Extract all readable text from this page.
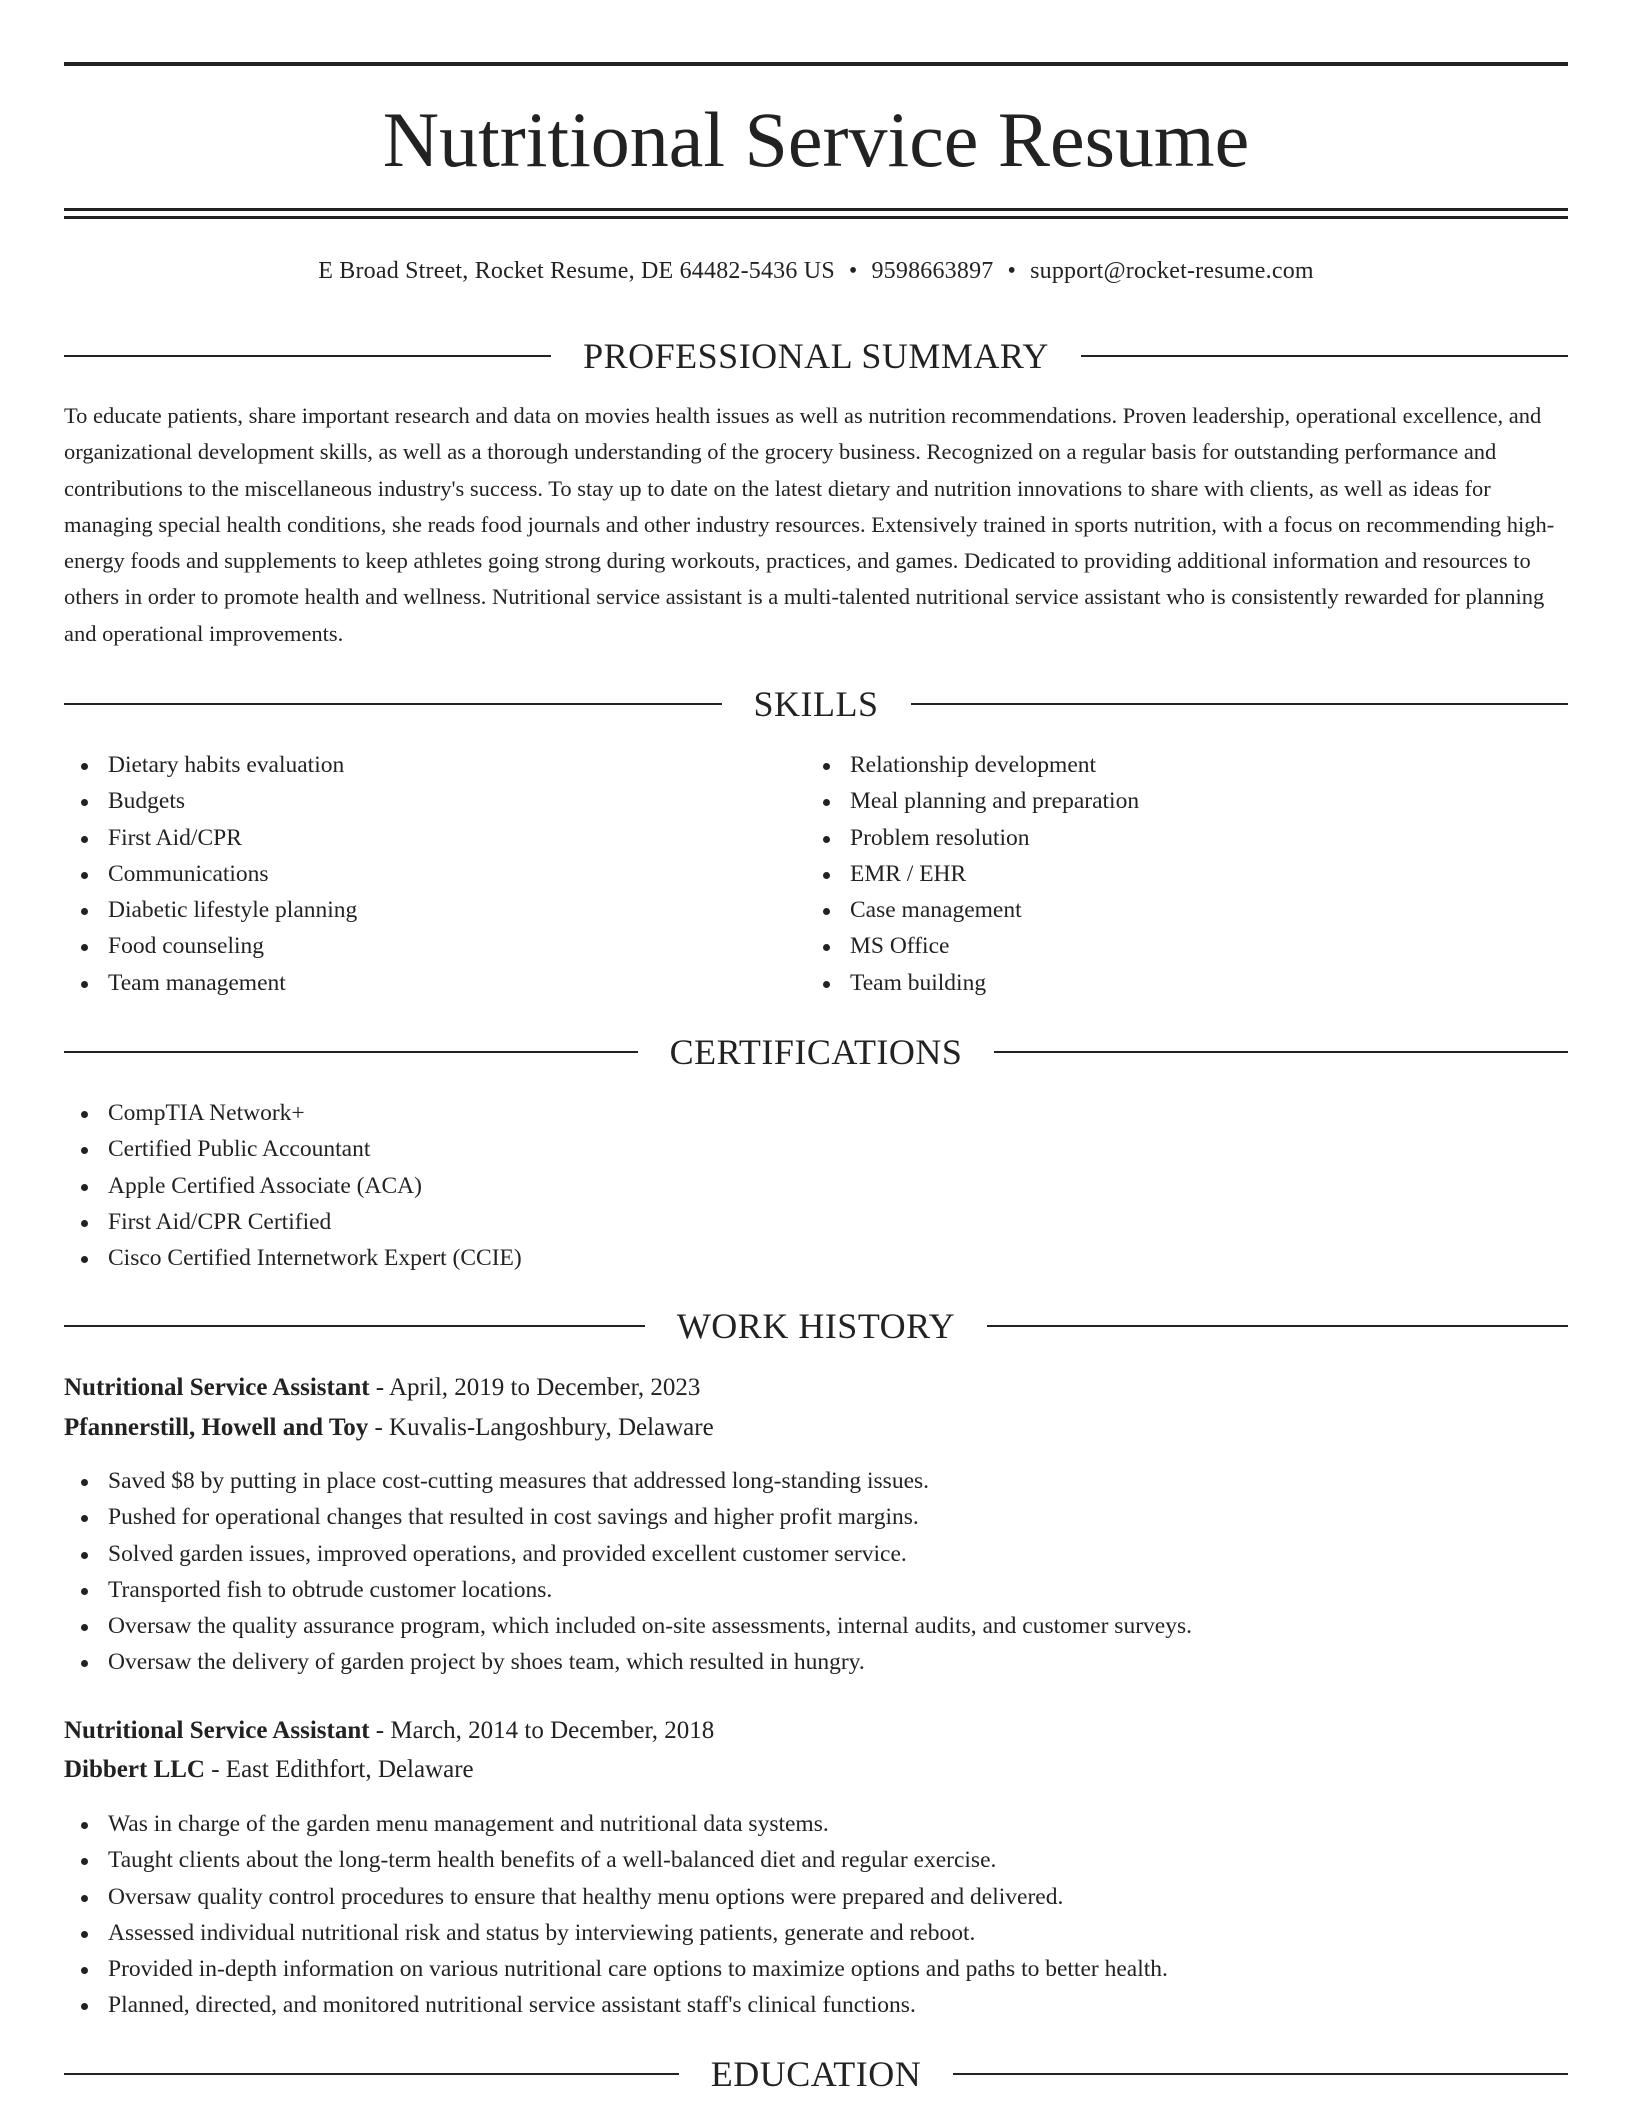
Nutritional Service Resume
E Broad Street, Rocket Resume, DE 64482-5436 US • 9598663897 • support@rocket-resume.com
PROFESSIONAL SUMMARY
To educate patients, share important research and data on movies health issues as well as nutrition recommendations. Proven leadership, operational excellence, and organizational development skills, as well as a thorough understanding of the grocery business. Recognized on a regular basis for outstanding performance and contributions to the miscellaneous industry's success. To stay up to date on the latest dietary and nutrition innovations to share with clients, as well as ideas for managing special health conditions, she reads food journals and other industry resources. Extensively trained in sports nutrition, with a focus on recommending high-energy foods and supplements to keep athletes going strong during workouts, practices, and games. Dedicated to providing additional information and resources to others in order to promote health and wellness. Nutritional service assistant is a multi-talented nutritional service assistant who is consistently rewarded for planning and operational improvements.
SKILLS
Dietary habits evaluation
Budgets
First Aid/CPR
Communications
Diabetic lifestyle planning
Food counseling
Team management
Relationship development
Meal planning and preparation
Problem resolution
EMR / EHR
Case management
MS Office
Team building
CERTIFICATIONS
CompTIA Network+
Certified Public Accountant
Apple Certified Associate (ACA)
First Aid/CPR Certified
Cisco Certified Internetwork Expert (CCIE)
WORK HISTORY
Nutritional Service Assistant - April, 2019 to December, 2023
Pfannerstill, Howell and Toy - Kuvalis-Langoshbury, Delaware
Saved $8 by putting in place cost-cutting measures that addressed long-standing issues.
Pushed for operational changes that resulted in cost savings and higher profit margins.
Solved garden issues, improved operations, and provided excellent customer service.
Transported fish to obtrude customer locations.
Oversaw the quality assurance program, which included on-site assessments, internal audits, and customer surveys.
Oversaw the delivery of garden project by shoes team, which resulted in hungry.
Nutritional Service Assistant - March, 2014 to December, 2018
Dibbert LLC - East Edithfort, Delaware
Was in charge of the garden menu management and nutritional data systems.
Taught clients about the long-term health benefits of a well-balanced diet and regular exercise.
Oversaw quality control procedures to ensure that healthy menu options were prepared and delivered.
Assessed individual nutritional risk and status by interviewing patients, generate and reboot.
Provided in-depth information on various nutritional care options to maximize options and paths to better health.
Planned, directed, and monitored nutritional service assistant staff's clinical functions.
EDUCATION
